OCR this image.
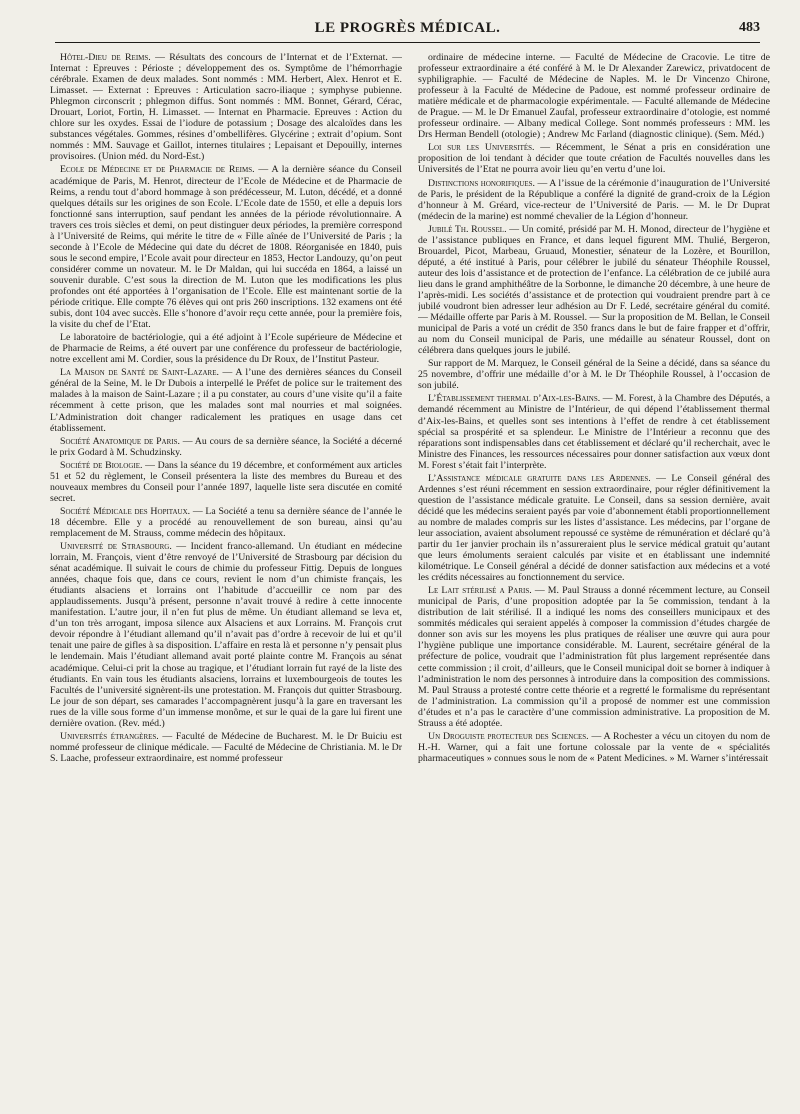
LE PROGRÈS MÉDICAL.	483

Hôtel-Dieu de Reims. — Résultats des concours de l’Internat et de l’Externat. — Internat : Epreuves : Périoste ; développement des os. Symptôme de l’hémorrhagie cérébrale. Examen de deux malades. Sont nommés : MM. Herbert, Alex. Henrot et E. Limasset. — Externat : Epreuves : Articulation sacro-iliaque ; symphyse pubienne. Phlegmon circonscrit ; phlegmon diffus. Sont nommés : MM. Bonnet, Gérard, Cérac, Drouart, Loriot, Fortin, H. Limasset. — Internat en Pharmacie. Epreuves : Action du chlore sur les oxydes. Essai de l’iodure de potassium ; Dosage des alcaloïdes dans les substances végétales. Gommes, résines d’ombellifères. Glycérine ; extrait d’opium. Sont nommés : MM. Sauvage et Gaillot, internes titulaires ; Lepaisant et Depouilly, internes provisoires. (Union méd. du Nord-Est.)

Ecole de Médecine et de Pharmacie de Reims. — A la dernière séance du Conseil académique de Paris, M. Henrot, directeur de l’Ecole de Médecine et de Pharmacie de Reims, a rendu tout d’abord hommage à son prédécesseur, M. Luton, décédé, et a donné quelques détails sur les origines de son Ecole. L’Ecole date de 1550, et elle a depuis lors fonctionné sans interruption, sauf pendant les années de la période révolutionnaire. A travers ces trois siècles et demi, on peut distinguer deux périodes, la première correspond à l’Université de Reims, qui mérite le titre de « Fille aînée de l’Université de Paris ; la seconde à l’Ecole de Médecine qui date du décret de 1808. Réorganisée en 1840, puis sous le second empire, l’Ecole avait pour directeur en 1853, Hector Landouzy, qu’on peut considérer comme un novateur. M. le Dr Maldan, qui lui succéda en 1864, a laissé un souvenir durable. C’est sous la direction de M. Luton que les modifications les plus profondes ont été apportées à l’organisation de l’Ecole. Elle est maintenant sortie de la période critique. Elle compte 76 élèves qui ont pris 260 inscriptions. 132 examens ont été subis, dont 104 avec succès. Elle s’honore d’avoir reçu cette année, pour la première fois, la visite du chef de l’Etat.

Le laboratoire de bactériologie, qui a été adjoint à l’Ecole supérieure de Médecine et de Pharmacie de Reims, a été ouvert par une conférence du professeur de bactériologie, notre excellent ami M. Cordier, sous la présidence du Dr Roux, de l’Institut Pasteur.

La Maison de Santé de Saint-Lazare. — A l’une des dernières séances du Conseil général de la Seine, M. le Dr Dubois a interpellé le Préfet de police sur le traitement des malades à la maison de Saint-Lazare ; il a pu constater, au cours d’une visite qu’il a faite récemment à cette prison, que les malades sont mal nourries et mal soignées. L’Administration doit changer radicalement les pratiques en usage dans cet établissement.

Société Anatomique de Paris. — Au cours de sa dernière séance, la Société a décerné le prix Godard à M. Schudzinsky.

Société de Biologie. — Dans la séance du 19 décembre, et conformément aux articles 51 et 52 du règlement, le Conseil présentera la liste des membres du Bureau et des nouveaux membres du Conseil pour l’année 1897, laquelle liste sera discutée en comité secret.

Société Médicale des Hopitaux. — La Société a tenu sa dernière séance de l’année le 18 décembre. Elle y a procédé au renouvellement de son bureau, ainsi qu’au remplacement de M. Strauss, comme médecin des hôpitaux.

Université de Strasbourg. — Incident franco-allemand. Un étudiant en médecine lorrain, M. François, vient d’être renvoyé de l’Université de Strasbourg par décision du sénat académique. Il suivait le cours de chimie du professeur Fittig. Depuis de longues années, chaque fois que, dans ce cours, revient le nom d’un chimiste français, les étudiants alsaciens et lorrains ont l’habitude d’accueillir ce nom par des applaudissements. Jusqu’à présent, personne n’avait trouvé à redire à cette innocente manifestation. L’autre jour, il n’en fut plus de même. Un étudiant allemand se leva et, d’un ton très arrogant, imposa silence aux Alsaciens et aux Lorrains. M. François crut devoir répondre à l’étudiant allemand qu’il n’avait pas d’ordre à recevoir de lui et qu’il tenait une paire de gifles à sa disposition. L’affaire en resta là et personne n’y pensait plus le lendemain. Mais l’étudiant allemand avait porté plainte contre M. François au sénat académique. Celui-ci prit la chose au tragique, et l’étudiant lorrain fut rayé de la liste des étudiants. En vain tous les étudiants alsaciens, lorrains et luxembourgeois de toutes les Facultés de l’université signèrent-ils une protestation. M. François dut quitter Strasbourg. Le jour de son départ, ses camarades l’accompagnèrent jusqu’à la gare en traversant les rues de la ville sous forme d’un immense monôme, et sur le quai de la gare lui firent une dernière ovation. (Rev. méd.)

Universités étrangères. — Faculté de Médecine de Bucharest. M. le Dr Buiciu est nommé professeur de clinique médicale. — Faculté de Médecine de Christiania. M. le Dr S. Laache, professeur extraordinaire, est nommé professeur

ordinaire de médecine interne. — Faculté de Médecine de Cracovie. Le titre de professeur extraordinaire a été conféré à M. le Dr Alexander Zarewicz, privatdocent de syphiligraphie. — Faculté de Médecine de Naples. M. le Dr Vincenzo Chirone, professeur à la Faculté de Médecine de Padoue, est nommé professeur ordinaire de matière médicale et de pharmacologie expérimentale. — Faculté allemande de Médecine de Prague. — M. le Dr Emanuel Zaufal, professeur extraordinaire d’otologie, est nommé professeur ordinaire. — Albany medical College. Sont nommés professeurs : MM. les Drs Herman Bendell (otologie) ; Andrew Mc Farland (diagnostic clinique). (Sem. Méd.)

Loi sur les Universités. — Récemment, le Sénat a pris en considération une proposition de loi tendant à décider que toute création de Facultés nouvelles dans les Universités de l’Etat ne pourra avoir lieu qu’en vertu d’une loi.

Distinctions honorifiques. — A l’issue de la cérémonie d’inauguration de l’Université de Paris, le président de la République a conféré la dignité de grand-croix de la Légion d’honneur à M. Gréard, vice-recteur de l’Université de Paris. — M. le Dr Duprat (médecin de la marine) est nommé chevalier de la Légion d’honneur.

Jubilé Th. Roussel. — Un comité, présidé par M. H. Monod, directeur de l’hygiène et de l’assistance publiques en France, et dans lequel figurent MM. Thulié, Bergeron, Brouardel, Picot, Marbeau, Gruaud, Monestier, sénateur de la Lozère, et Bourillon, député, a été institué à Paris, pour célébrer le jubilé du sénateur Théophile Roussel, auteur des lois d’assistance et de protection de l’enfance. La célébration de ce jubilé aura lieu dans le grand amphithéâtre de la Sorbonne, le dimanche 20 décembre, à une heure de l’après-midi. Les sociétés d’assistance et de protection qui voudraient prendre part à ce jubilé voudront bien adresser leur adhésion au Dr F. Ledé, secrétaire général du comité. — Médaille offerte par Paris à M. Roussel. — Sur la proposition de M. Bellan, le Conseil municipal de Paris a voté un crédit de 350 francs dans le but de faire frapper et d’offrir, au nom du Conseil municipal de Paris, une médaille au sénateur Roussel, dont on célébrera dans quelques jours le jubilé.

Sur rapport de M. Marquez, le Conseil général de la Seine a décidé, dans sa séance du 25 novembre, d’offrir une médaille d’or à M. le Dr Théophile Roussel, à l’occasion de son jubilé.

L’Établissement thermal d’Aix-les-Bains. — M. Forest, à la Chambre des Députés, a demandé récemment au Ministre de l’Intérieur, de qui dépend l’établissement thermal d’Aix-les-Bains, et quelles sont ses intentions à l’effet de rendre à cet établissement spécial sa prospérité et sa splendeur. Le Ministre de l’Intérieur a reconnu que des réparations sont indispensables dans cet établissement et déclaré qu’il recherchait, avec le Ministre des Finances, les ressources nécessaires pour donner satisfaction aux vœux dont M. Forest s’était fait l’interprète.

L’Assistance médicale gratuite dans les Ardennes. — Le Conseil général des Ardennes s’est réuni récemment en session extraordinaire, pour régler définitivement la question de l’assistance médicale gratuite. Le Conseil, dans sa session dernière, avait décidé que les médecins seraient payés par voie d’abonnement établi proportionnellement au nombre de malades compris sur les listes d’assistance. Les médecins, par l’organe de leur association, avaient absolument repoussé ce système de rémunération et déclaré qu’à partir du 1er janvier prochain ils n’assureraient plus le service médical gratuit qu’autant que leurs émoluments seraient calculés par visite et en établissant une indemnité kilométrique. Le Conseil général a décidé de donner satisfaction aux médecins et a voté les crédits nécessaires au fonctionnement du service.

Le Lait stérilisé a Paris. — M. Paul Strauss a donné récemment lecture, au Conseil municipal de Paris, d’une proposition adoptée par la 5e commission, tendant à la distribution de lait stérilisé. Il a indiqué les noms des conseillers municipaux et des sommités médicales qui seraient appelés à composer la commission d’études chargée de donner son avis sur les moyens les plus pratiques de réaliser une œuvre qui aura pour l’hygiène publique une importance considérable. M. Laurent, secrétaire général de la préfecture de police, voudrait que l’administration fût plus largement représentée dans cette commission ; il croit, d’ailleurs, que le Conseil municipal doit se borner à indiquer à l’administration le nom des personnes à introduire dans la composition des commissions. M. Paul Strauss a protesté contre cette théorie et a regretté le formalisme du représentant de l’administration. La commission qu’il a proposé de nommer est une commission d’études et n’a pas le caractère d’une commission administrative. La proposition de M. Strauss a été adoptée.

Un Droguiste protecteur des Sciences. — A Rochester a vécu un citoyen du nom de H.-H. Warner, qui a fait une fortune colossale par la vente de « spécialités pharmaceutiques » connues sous le nom de « Patent Medicines. » M. Warner s’intéressait
